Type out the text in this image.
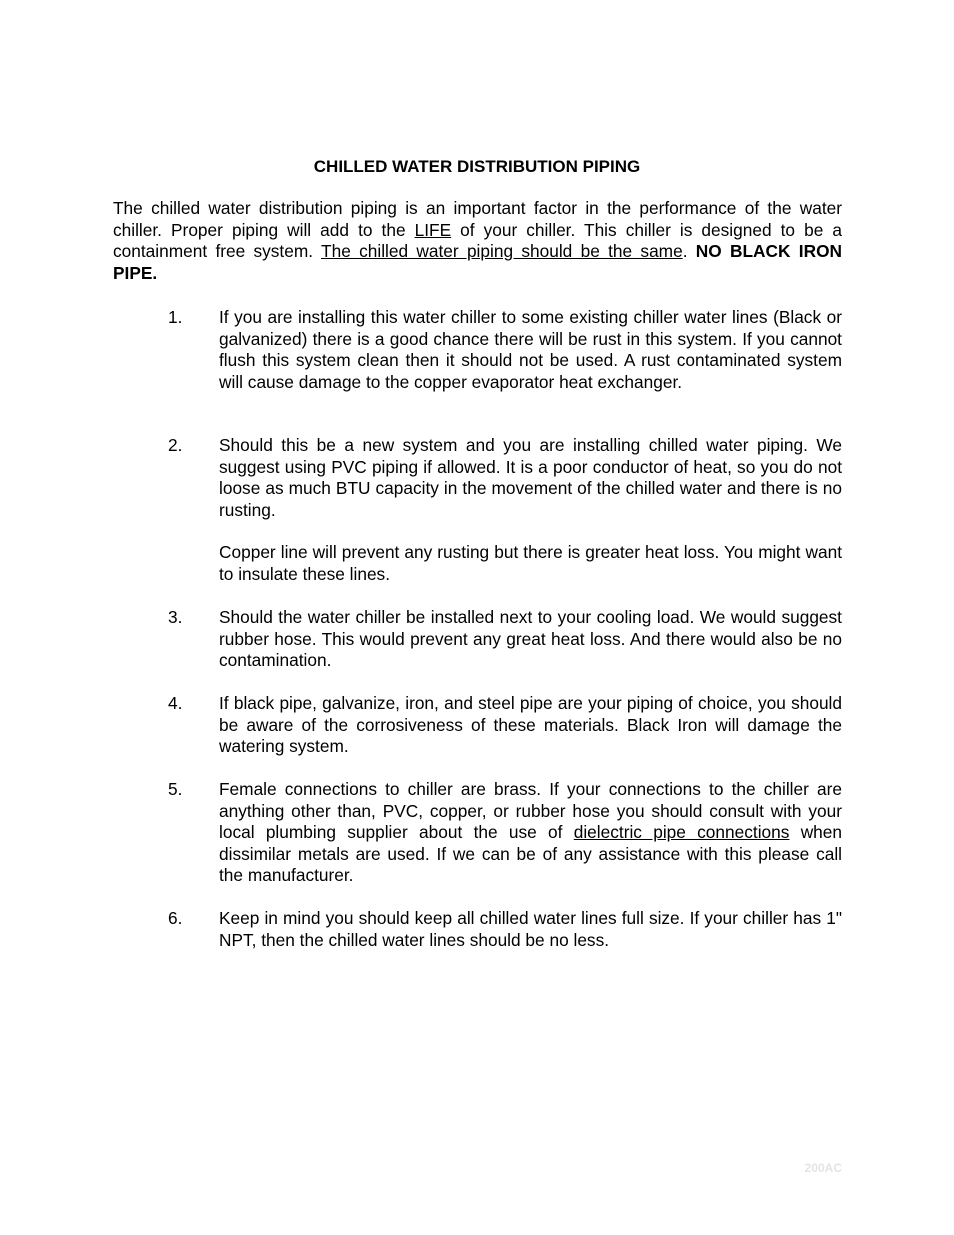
CHILLED WATER DISTRIBUTION PIPING

The chilled water distribution piping is an important factor in the performance of the water chiller. Proper piping will add to the LIFE of your chiller. This chiller is designed to be a containment free system. The chilled water piping should be the same. NO BLACK IRON PIPE.

1.	If you are installing this water chiller to some existing chiller water lines (Black or galvanized) there is a good chance there will be rust in this system. If you cannot flush this system clean then it should not be used. A rust contaminated system will cause damage to the copper evaporator heat exchanger.

2.	Should this be a new system and you are installing chilled water piping. We suggest using PVC piping if allowed. It is a poor conductor of heat, so you do not loose as much BTU capacity in the movement of the chilled water and there is no rusting.

Copper line will prevent any rusting but there is greater heat loss. You might want to insulate these lines.

3.	Should the water chiller be installed next to your cooling load. We would suggest rubber hose. This would prevent any great heat loss. And there would also be no contamination.

4.	If black pipe, galvanize, iron, and steel pipe are your piping of choice, you should be aware of the corrosiveness of these materials. Black Iron will damage the watering system.

5.	Female connections to chiller are brass. If your connections to the chiller are anything other than, PVC, copper, or rubber hose you should consult with your local plumbing supplier about the use of dielectric pipe connections when dissimilar metals are used. If we can be of any assistance with this please call the manufacturer.

6.	Keep in mind you should keep all chilled water lines full size. If your chiller has 1" NPT, then the chilled water lines should be no less.

200AC
